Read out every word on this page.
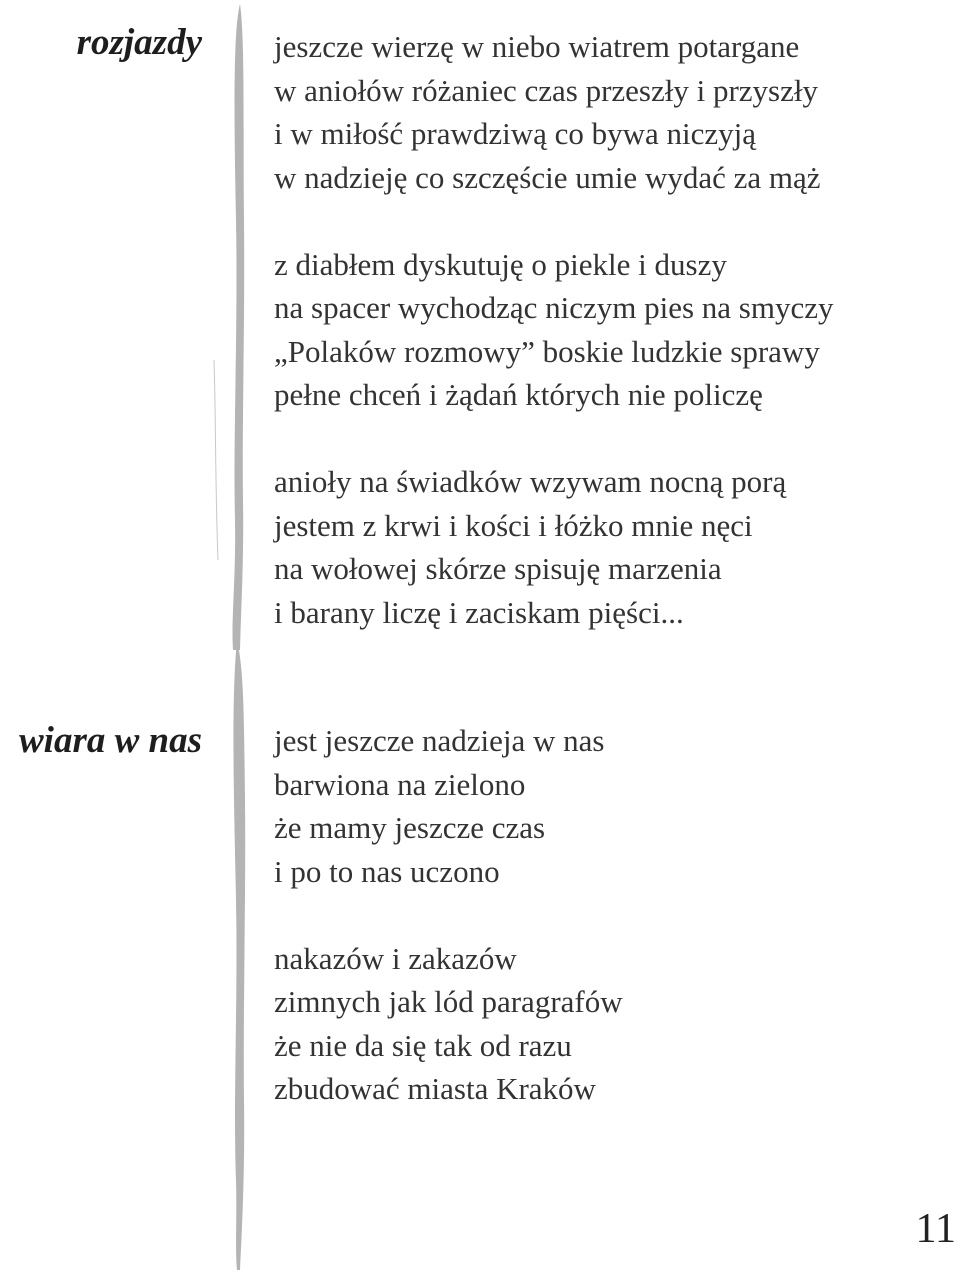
rozjazdy jeszcze wierzę w niebo wiatrem potargane
w aniołów różaniec czas przeszły i przyszły
i w miłość prawdziwą co bywa niczyją
w nadzieję co szczęście umie wydać za mąż
z diabłem dyskutuję o piekle i duszy
na spacer wychodząc niczym pies na smyczy
„Polaków rozmowy” boskie ludzkie sprawy
pełne chceń i żądań których nie policzę
anioły na świadków wzywam nocną porą
jestem z krwi i kości i łóżko mnie nęci
na wołowej skórze spisuję marzenia
i barany liczę i zaciskam pięści...
wiara w nas jest jeszcze nadzieja w nas
barwiona na zielono
że mamy jeszcze czas
i po to nas uczono
nakazów i zakazów
zimnych jak lód paragrafów
że nie da się tak od razu
zbudować miasta Kraków
11
